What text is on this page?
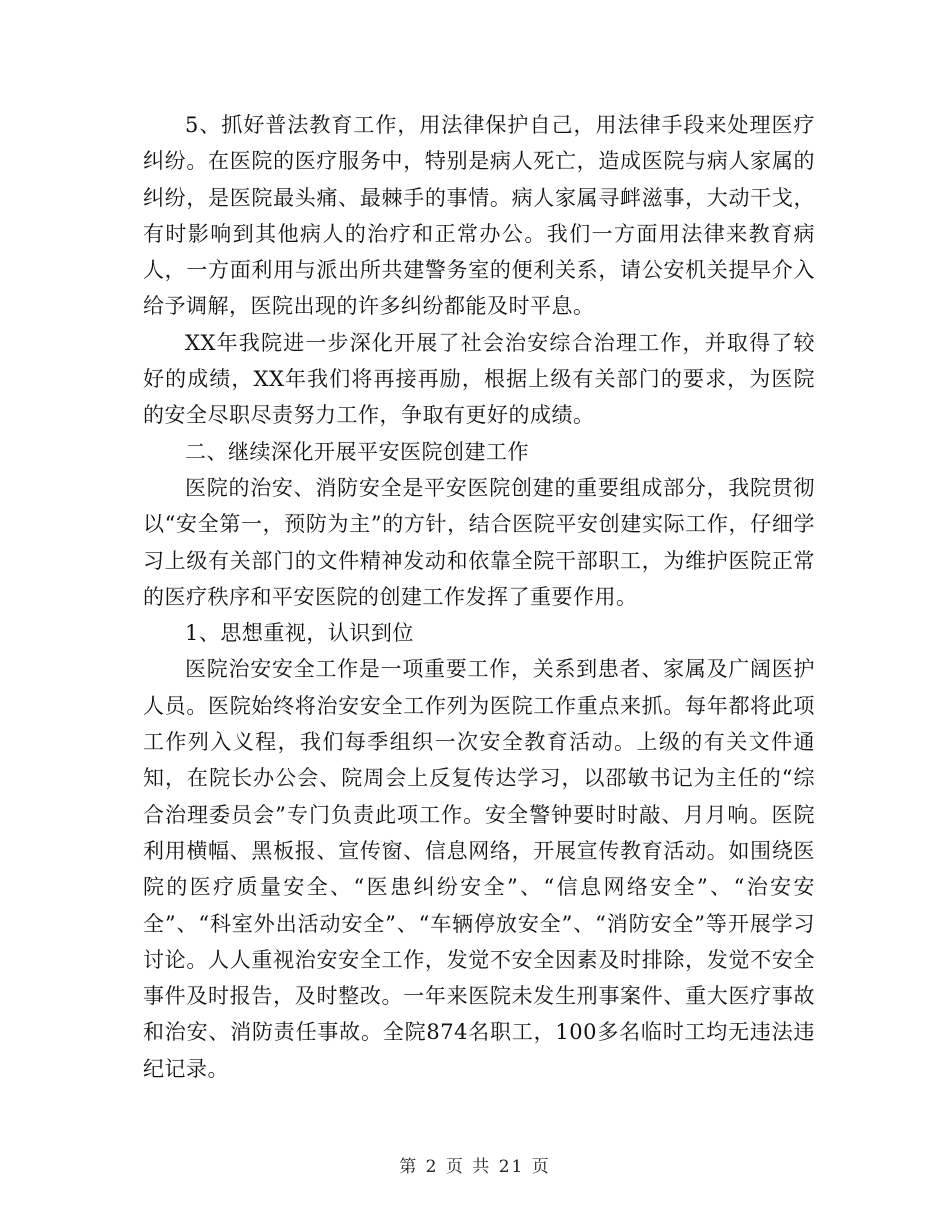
5、抓好普法教育工作，用法律保护自己，用法律手段来处理医疗纠纷。在医院的医疗服务中，特别是病人死亡，造成医院与病人家属的纠纷，是医院最头痛、最棘手的事情。病人家属寻衅滋事，大动干戈，有时影响到其他病人的治疗和正常办公。我们一方面用法律来教育病人，一方面利用与派出所共建警务室的便利关系，请公安机关提早介入给予调解，医院出现的许多纠纷都能及时平息。

XX年我院进一步深化开展了社会治安综合治理工作，并取得了较好的成绩，XX年我们将再接再励，根据上级有关部门的要求，为医院的安全尽职尽责努力工作，争取有更好的成绩。

二、继续深化开展平安医院创建工作

医院的治安、消防安全是平安医院创建的重要组成部分，我院贯彻以“安全第一，预防为主”的方针，结合医院平安创建实际工作，仔细学习上级有关部门的文件精神发动和依靠全院干部职工，为维护医院正常的医疗秩序和平安医院的创建工作发挥了重要作用。

1、思想重视，认识到位

医院治安安全工作是一项重要工作，关系到患者、家属及广阔医护人员。医院始终将治安安全工作列为医院工作重点来抓。每年都将此项工作列入义程，我们每季组织一次安全教育活动。上级的有关文件通知，在院长办公会、院周会上反复传达学习，以邵敏书记为主任的“综合治理委员会”专门负责此项工作。安全警钟要时时敲、月月响。医院利用横幅、黑板报、宣传窗、信息网络，开展宣传教育活动。如围绕医院的医疗质量安全、“医患纠纷安全”、“信息网络安全”、“治安安全”、“科室外出活动安全”、“车辆停放安全”、“消防安全”等开展学习讨论。人人重视治安安全工作，发觉不安全因素及时排除，发觉不安全事件及时报告，及时整改。一年来医院未发生刑事案件、重大医疗事故和治安、消防责任事故。全院874名职工，100多名临时工均无违法违纪记录。

第 2 页 共 21 页
